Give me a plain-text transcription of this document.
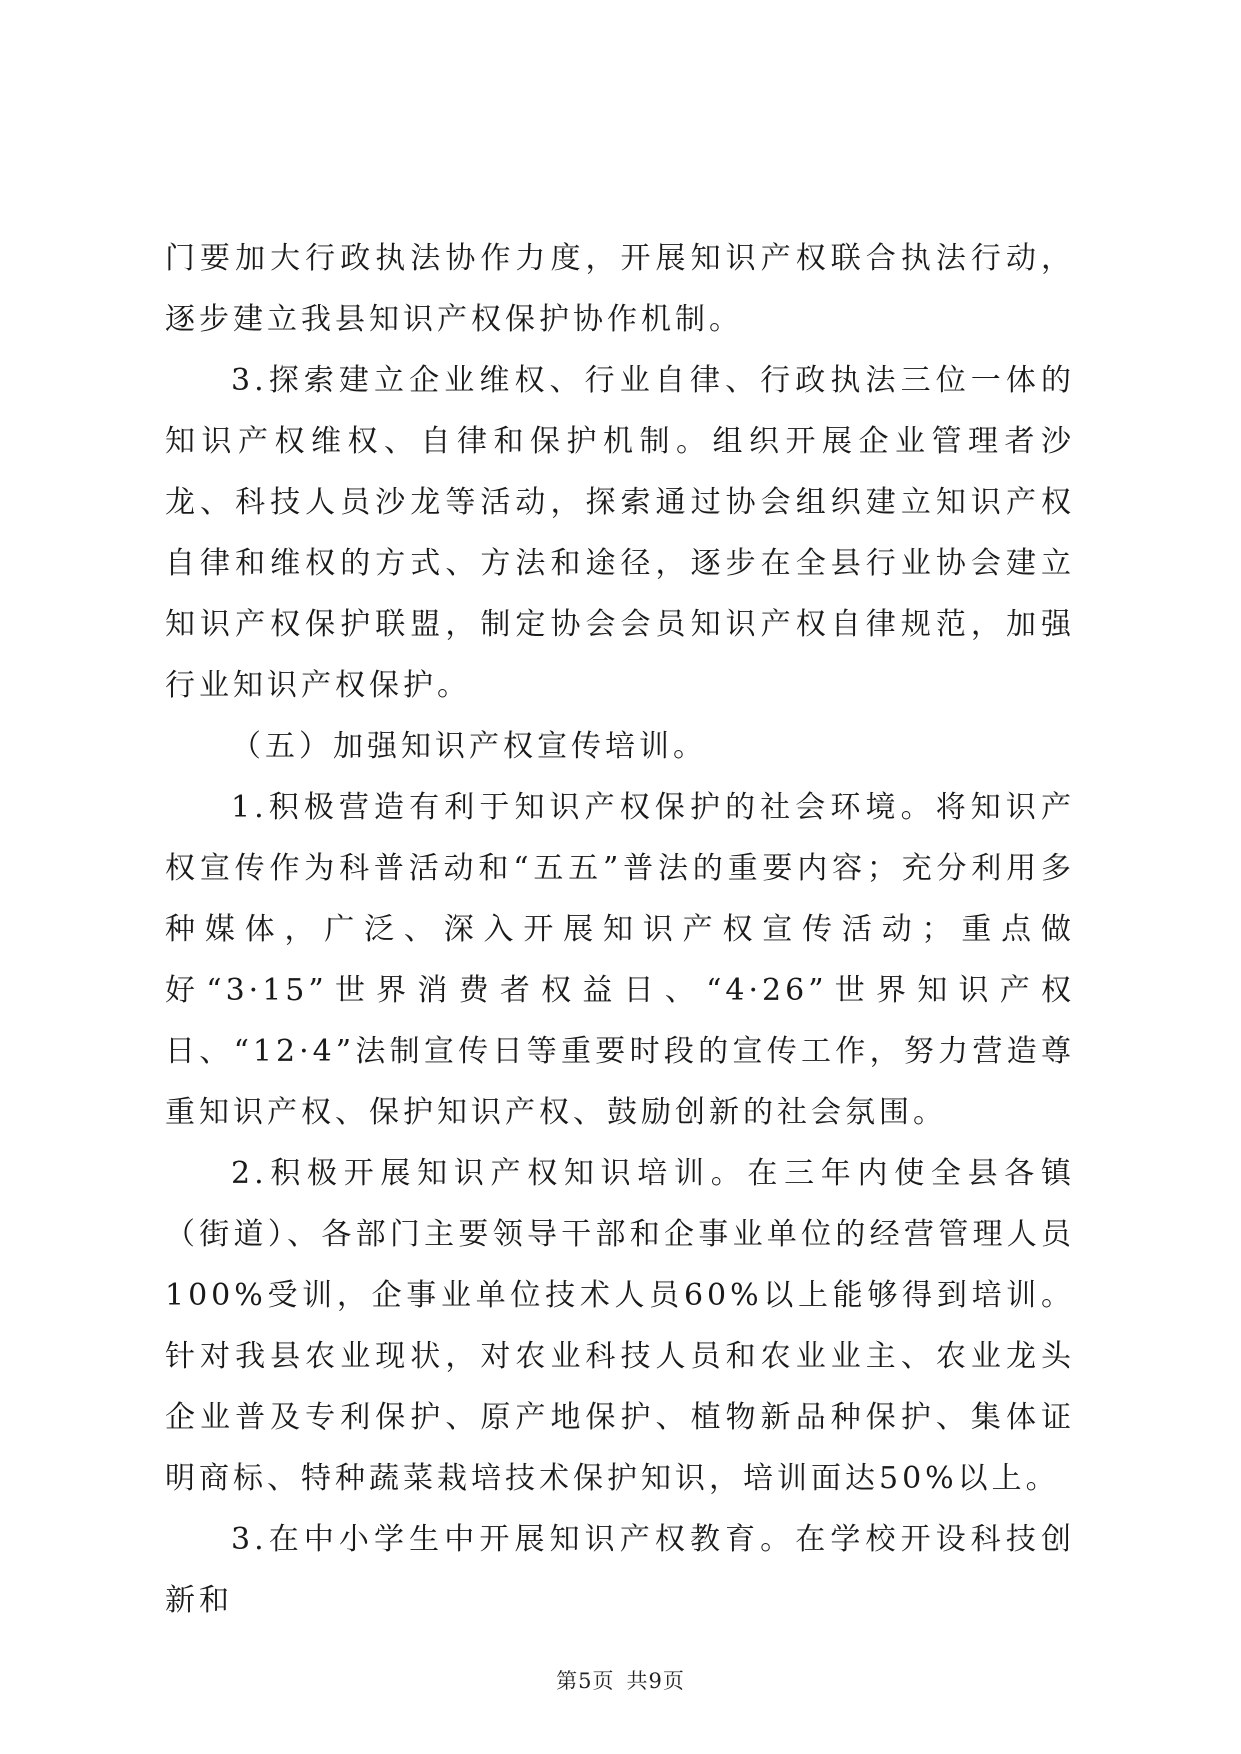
门要加大行政执法协作力度，开展知识产权联合执法行动，逐步建立我县知识产权保护协作机制。

3.探索建立企业维权、行业自律、行政执法三位一体的知识产权维权、自律和保护机制。组织开展企业管理者沙龙、科技人员沙龙等活动，探索通过协会组织建立知识产权自律和维权的方式、方法和途径，逐步在全县行业协会建立知识产权保护联盟，制定协会会员知识产权自律规范，加强行业知识产权保护。

（五）加强知识产权宣传培训。

1.积极营造有利于知识产权保护的社会环境。将知识产权宣传作为科普活动和“五五”普法的重要内容；充分利用多种媒体，广泛、深入开展知识产权宣传活动；重点做好“3·15”世界消费者权益日、“4·26”世界知识产权日、“12·4”法制宣传日等重要时段的宣传工作，努力营造尊重知识产权、保护知识产权、鼓励创新的社会氛围。

2.积极开展知识产权知识培训。在三年内使全县各镇（街道）、各部门主要领导干部和企事业单位的经营管理人员100%受训，企事业单位技术人员60%以上能够得到培训。针对我县农业现状，对农业科技人员和农业业主、农业龙头企业普及专利保护、原产地保护、植物新品种保护、集体证明商标、特种蔬菜栽培技术保护知识，培训面达50%以上。

3.在中小学生中开展知识产权教育。在学校开设科技创新和

第5页 共9页
